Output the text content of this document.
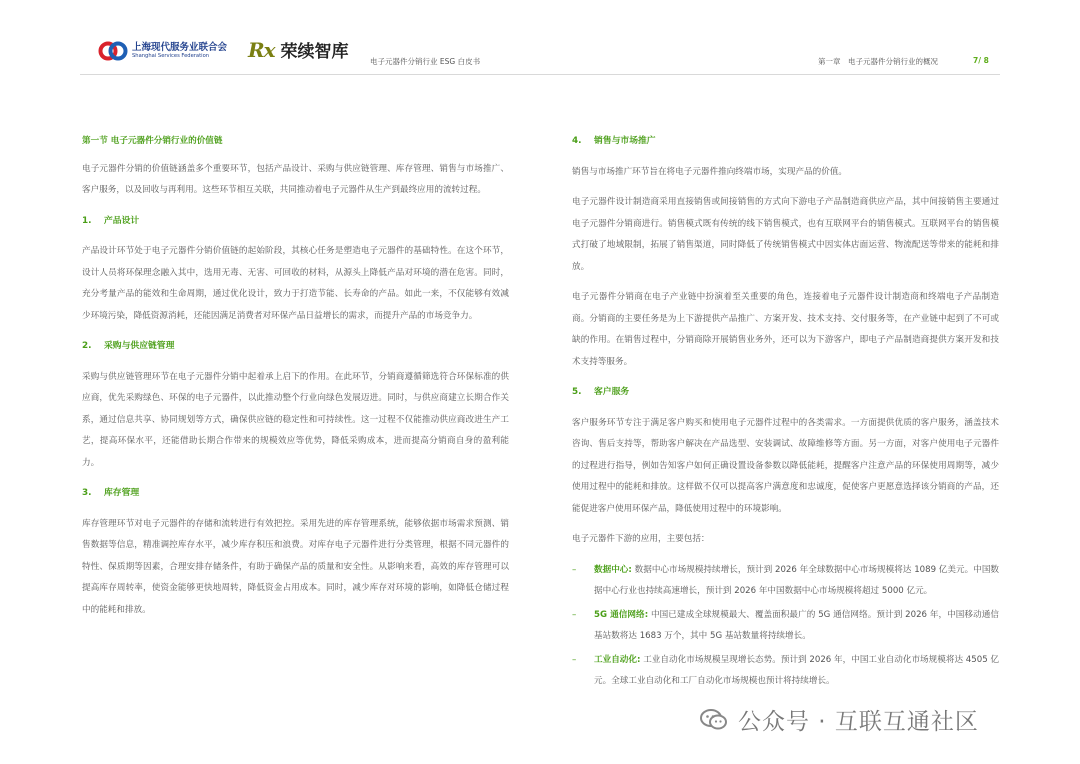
上海现代服务业联合会
Shanghai Services Federation	Rx 荣续智库	电子元器件分销行业 ESG 白皮书	第一章　电子元器件分销行业的概况	7/ 8
第一节 电子元器件分销行业的价值链

电子元器件分销的价值链涵盖多个重要环节，包括产品设计、采购与供应链管理、库存管理、销售与市场推广、客户服务，以及回收与再利用。这些环节相互关联，共同推动着电子元器件从生产到最终应用的流转过程。

1. 产品设计

产品设计环节处于电子元器件分销价值链的起始阶段，其核心任务是塑造电子元器件的基础特性。在这个环节，设计人员将环保理念融入其中，选用无毒、无害、可回收的材料，从源头上降低产品对环境的潜在危害。同时，充分考量产品的能效和生命周期，通过优化设计，致力于打造节能、长寿命的产品。如此一来，不仅能够有效减少环境污染，降低资源消耗，还能因满足消费者对环保产品日益增长的需求，而提升产品的市场竞争力。

2. 采购与供应链管理

采购与供应链管理环节在电子元器件分销中起着承上启下的作用。在此环节，分销商遵循筛选符合环保标准的供应商，优先采购绿色、环保的电子元器件，以此推动整个行业向绿色发展迈进。同时，与供应商建立长期合作关系，通过信息共享、协同规划等方式，确保供应链的稳定性和可持续性。这一过程不仅能推动供应商改进生产工艺，提高环保水平，还能借助长期合作带来的规模效应等优势，降低采购成本，进而提高分销商自身的盈利能力。

3. 库存管理

库存管理环节对电子元器件的存储和流转进行有效把控。采用先进的库存管理系统，能够依据市场需求预测、销售数据等信息，精准调控库存水平，减少库存积压和浪费。对库存电子元器件进行分类管理，根据不同元器件的特性、保质期等因素，合理安排存储条件，有助于确保产品的质量和安全性。从影响来看，高效的库存管理可以提高库存周转率，使资金能够更快地周转，降低资金占用成本。同时，减少库存对环境的影响，如降低仓储过程中的能耗和排放。

4. 销售与市场推广

销售与市场推广环节旨在将电子元器件推向终端市场，实现产品的价值。

电子元器件设计制造商采用直接销售或间接销售的方式向下游电子产品制造商供应产品，其中间接销售主要通过电子元器件分销商进行。销售模式既有传统的线下销售模式，也有互联网平台的销售模式。互联网平台的销售模式打破了地域限制，拓展了销售渠道，同时降低了传统销售模式中因实体店面运营、物流配送等带来的能耗和排放。

电子元器件分销商在电子产业链中扮演着至关重要的角色，连接着电子元器件设计制造商和终端电子产品制造商。分销商的主要任务是为上下游提供产品推广、方案开发、技术支持、交付服务等，在产业链中起到了不可或缺的作用。在销售过程中，分销商除开展销售业务外，还可以为下游客户，即电子产品制造商提供方案开发和技术支持等服务。

5. 客户服务

客户服务环节专注于满足客户购买和使用电子元器件过程中的各类需求。一方面提供优质的客户服务，涵盖技术咨询、售后支持等，帮助客户解决在产品选型、安装调试、故障维修等方面。另一方面，对客户使用电子元器件的过程进行指导，例如告知客户如何正确设置设备参数以降低能耗，提醒客户注意产品的环保使用周期等，减少使用过程中的能耗和排放。这样做不仅可以提高客户满意度和忠诚度，促使客户更愿意选择该分销商的产品，还能促进客户使用环保产品，降低使用过程中的环境影响。

电子元器件下游的应用，主要包括：

–	数据中心: 数据中心市场规模持续增长，预计到 2026 年全球数据中心市场规模将达 1089 亿美元。中国数据中心行业也持续高速增长，预计到 2026 年中国数据中心市场规模将超过 5000 亿元。
–	5G 通信网络: 中国已建成全球规模最大、覆盖面积最广的 5G 通信网络。预计到 2026 年，中国移动通信基站数将达 1683 万个，其中 5G 基站数量将持续增长。
–	工业自动化: 工业自动化市场规模呈现增长态势。预计到 2026 年，中国工业自动化市场规模将达 4505 亿元。全球工业自动化和工厂自动化市场规模也预计将持续增长。
公众号 · 互联互通社区
